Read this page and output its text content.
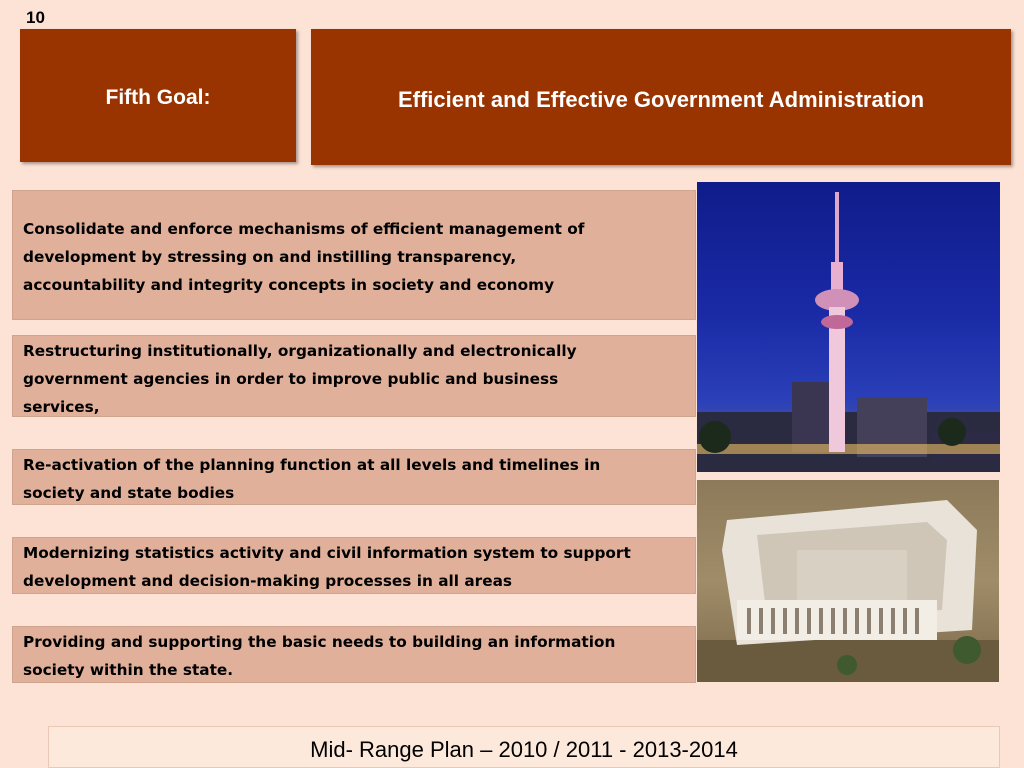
10
Fifth Goal:	Efficient and Effective Government Administration
Consolidate and enforce mechanisms of efficient management of
development by stressing on and instilling transparency,
accountability and integrity concepts in society and economy
Restructuring institutionally, organizationally and electronically
government agencies in order to improve public and business
services,
Re-activation of the planning function at all levels and timelines in
society and state bodies
Modernizing statistics activity and civil information system to support
development and decision-making processes in all areas
Providing and supporting the basic needs to building an information
society within the state.
Mid- Range Plan – 2010 / 2011 - 2013-2014
